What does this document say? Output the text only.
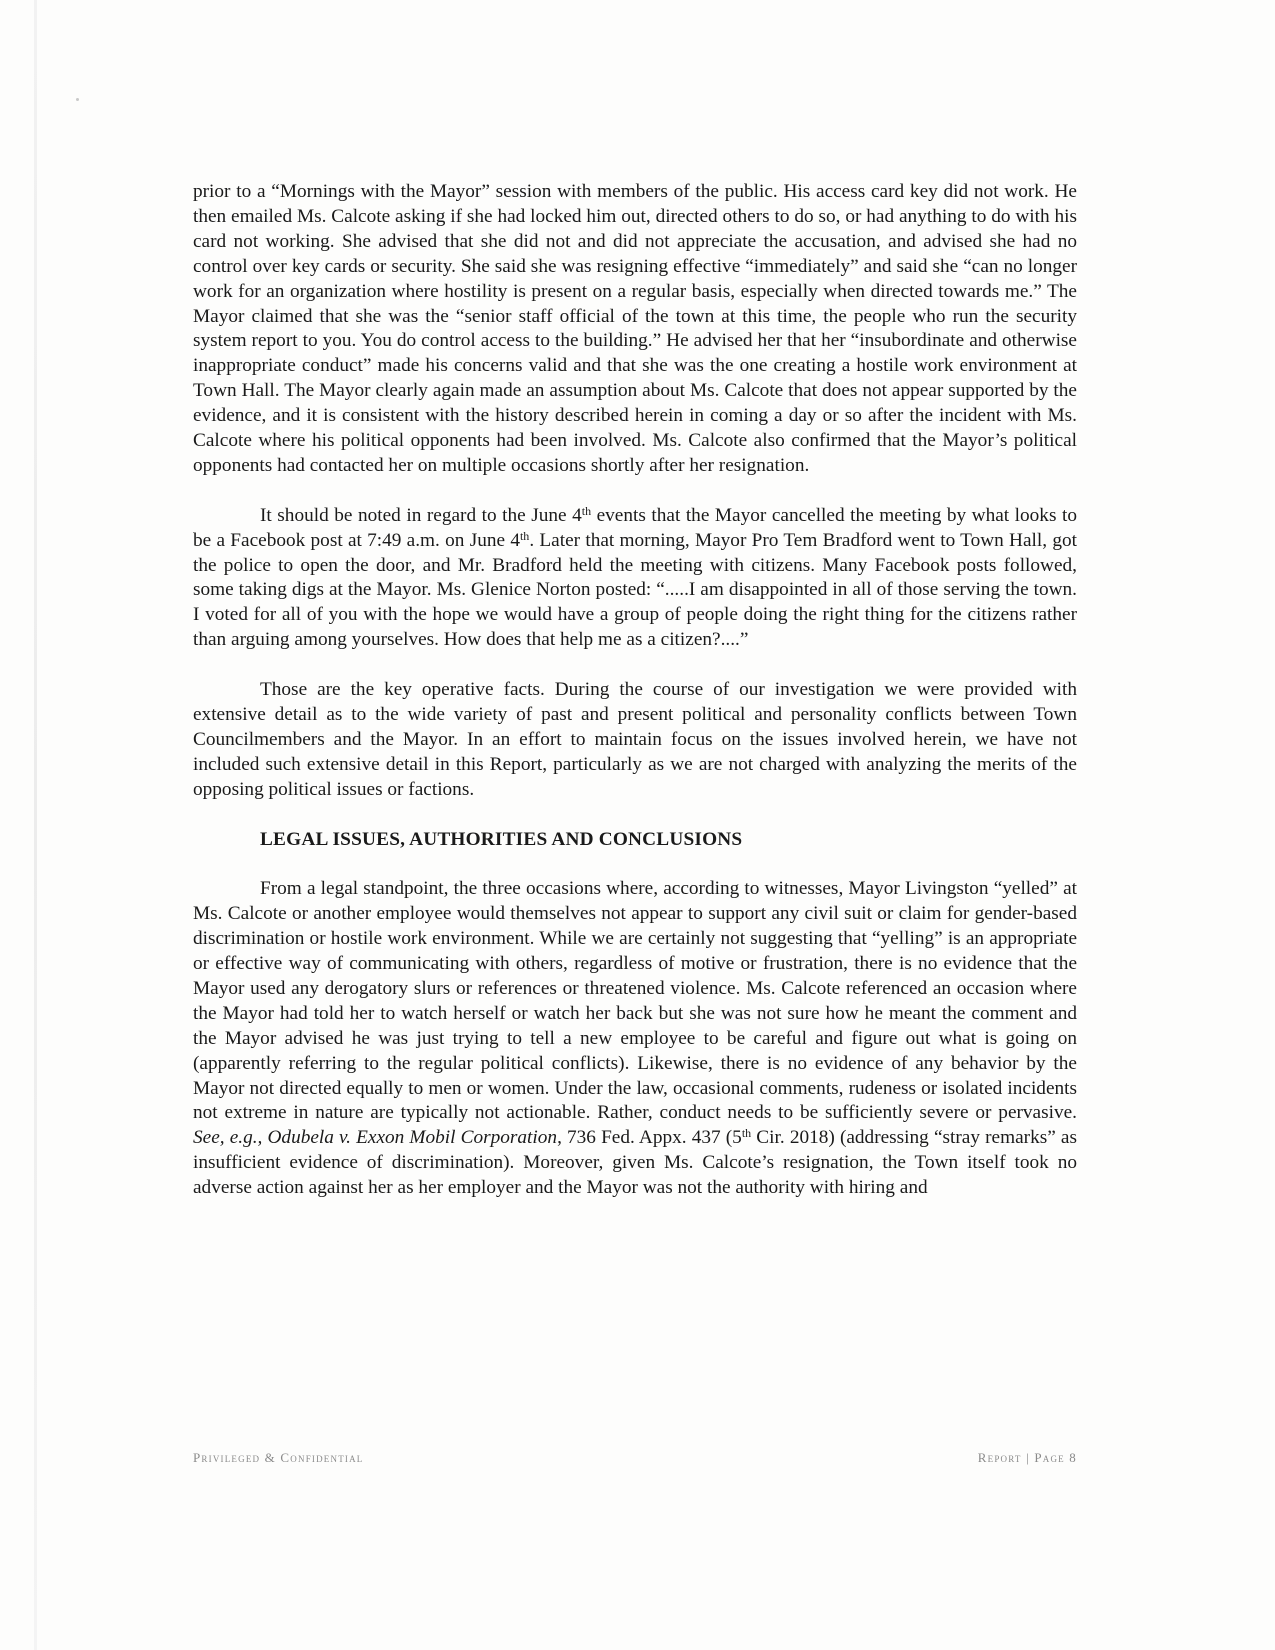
prior to a “Mornings with the Mayor” session with members of the public. His access card key did not work. He then emailed Ms. Calcote asking if she had locked him out, directed others to do so, or had anything to do with his card not working. She advised that she did not and did not appreciate the accusation, and advised she had no control over key cards or security. She said she was resigning effective “immediately” and said she “can no longer work for an organization where hostility is present on a regular basis, especially when directed towards me.” The Mayor claimed that she was the “senior staff official of the town at this time, the people who run the security system report to you. You do control access to the building.” He advised her that her “insubordinate and otherwise inappropriate conduct” made his concerns valid and that she was the one creating a hostile work environment at Town Hall. The Mayor clearly again made an assumption about Ms. Calcote that does not appear supported by the evidence, and it is consistent with the history described herein in coming a day or so after the incident with Ms. Calcote where his political opponents had been involved. Ms. Calcote also confirmed that the Mayor’s political opponents had contacted her on multiple occasions shortly after her resignation.

It should be noted in regard to the June 4th events that the Mayor cancelled the meeting by what looks to be a Facebook post at 7:49 a.m. on June 4th. Later that morning, Mayor Pro Tem Bradford went to Town Hall, got the police to open the door, and Mr. Bradford held the meeting with citizens. Many Facebook posts followed, some taking digs at the Mayor. Ms. Glenice Norton posted: “.....I am disappointed in all of those serving the town. I voted for all of you with the hope we would have a group of people doing the right thing for the citizens rather than arguing among yourselves. How does that help me as a citizen?....”

Those are the key operative facts. During the course of our investigation we were provided with extensive detail as to the wide variety of past and present political and personality conflicts between Town Councilmembers and the Mayor. In an effort to maintain focus on the issues involved herein, we have not included such extensive detail in this Report, particularly as we are not charged with analyzing the merits of the opposing political issues or factions.

LEGAL ISSUES, AUTHORITIES AND CONCLUSIONS

From a legal standpoint, the three occasions where, according to witnesses, Mayor Livingston “yelled” at Ms. Calcote or another employee would themselves not appear to support any civil suit or claim for gender-based discrimination or hostile work environment. While we are certainly not suggesting that “yelling” is an appropriate or effective way of communicating with others, regardless of motive or frustration, there is no evidence that the Mayor used any derogatory slurs or references or threatened violence. Ms. Calcote referenced an occasion where the Mayor had told her to watch herself or watch her back but she was not sure how he meant the comment and the Mayor advised he was just trying to tell a new employee to be careful and figure out what is going on (apparently referring to the regular political conflicts). Likewise, there is no evidence of any behavior by the Mayor not directed equally to men or women. Under the law, occasional comments, rudeness or isolated incidents not extreme in nature are typically not actionable. Rather, conduct needs to be sufficiently severe or pervasive. See, e.g., Odubela v. Exxon Mobil Corporation, 736 Fed. Appx. 437 (5th Cir. 2018) (addressing “stray remarks” as insufficient evidence of discrimination). Moreover, given Ms. Calcote’s resignation, the Town itself took no adverse action against her as her employer and the Mayor was not the authority with hiring and

Privileged & Confidential	Report | Page 8
